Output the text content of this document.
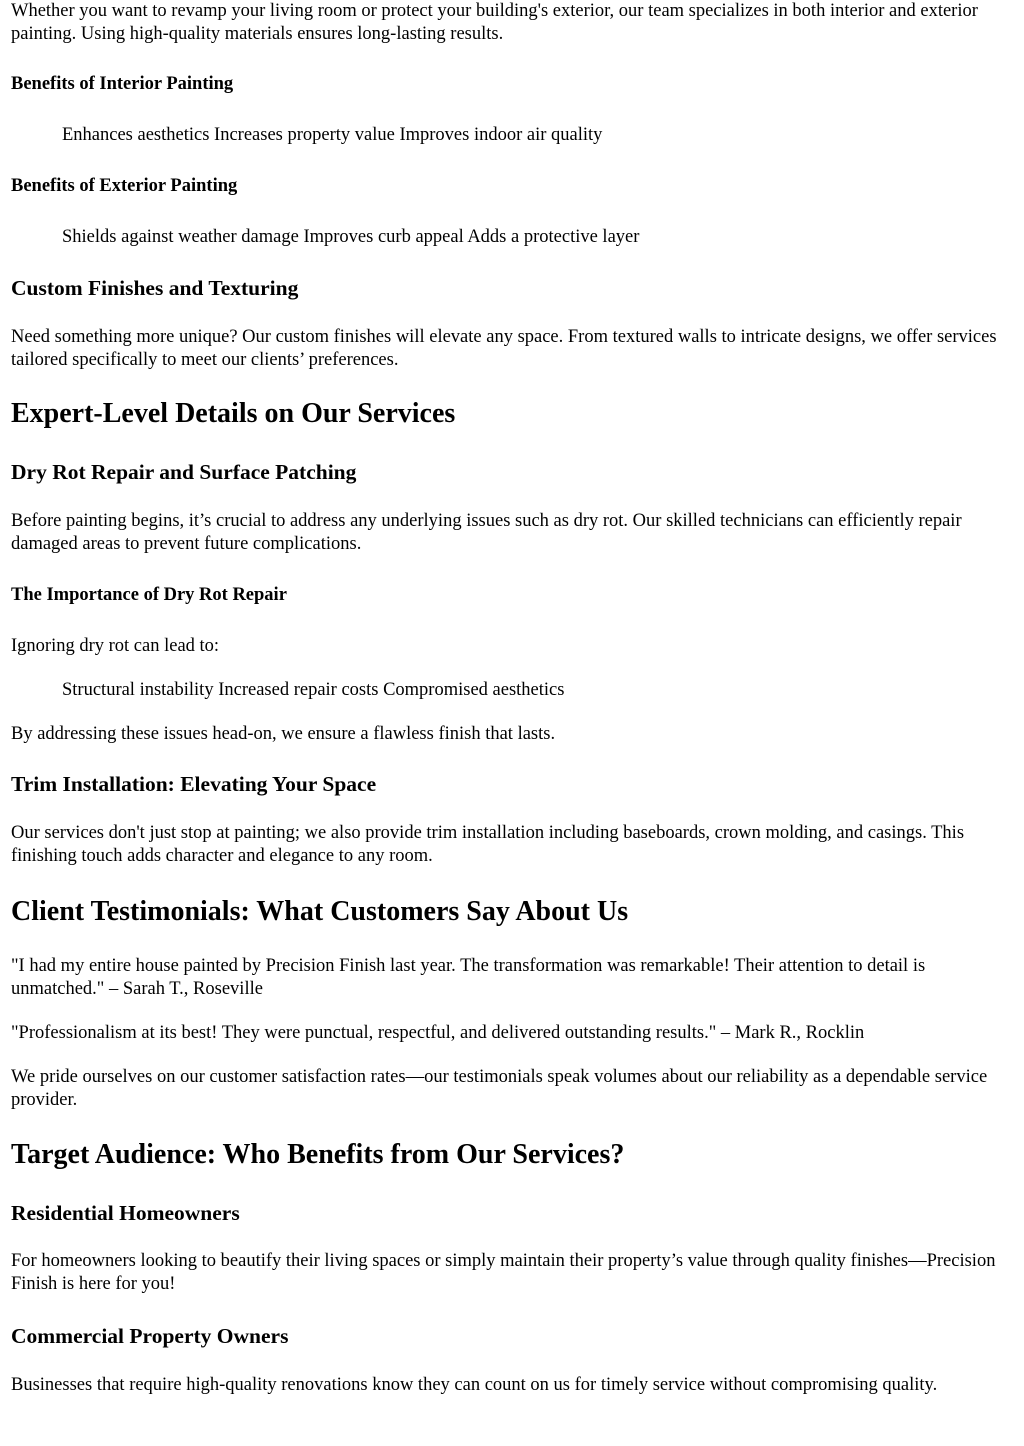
Whether you want to revamp your living room or protect your building's exterior, our team specializes in both interior and exterior painting. Using high-quality materials ensures long-lasting results.

Benefits of Interior Painting

Enhances aesthetics Increases property value Improves indoor air quality

Benefits of Exterior Painting

Shields against weather damage Improves curb appeal Adds a protective layer

Custom Finishes and Texturing

Need something more unique? Our custom finishes will elevate any space. From textured walls to intricate designs, we offer services tailored specifically to meet our clients’ preferences.

Expert-Level Details on Our Services
Dry Rot Repair and Surface Patching

Before painting begins, it’s crucial to address any underlying issues such as dry rot. Our skilled technicians can efficiently repair damaged areas to prevent future complications.

The Importance of Dry Rot Repair

Ignoring dry rot can lead to:

Structural instability Increased repair costs Compromised aesthetics

By addressing these issues head-on, we ensure a flawless finish that lasts.

Trim Installation: Elevating Your Space

Our services don't just stop at painting; we also provide trim installation including baseboards, crown molding, and casings. This finishing touch adds character and elegance to any room.

Client Testimonials: What Customers Say About Us

"I had my entire house painted by Precision Finish last year. The transformation was remarkable! Their attention to detail is unmatched." – Sarah T., Roseville

"Professionalism at its best! They were punctual, respectful, and delivered outstanding results." – Mark R., Rocklin

We pride ourselves on our customer satisfaction rates—our testimonials speak volumes about our reliability as a dependable service provider.

Target Audience: Who Benefits from Our Services?
Residential Homeowners

For homeowners looking to beautify their living spaces or simply maintain their property’s value through quality finishes—Precision Finish is here for you!

Commercial Property Owners

Businesses that require high-quality renovations know they can count on us for timely service without compromising quality.
